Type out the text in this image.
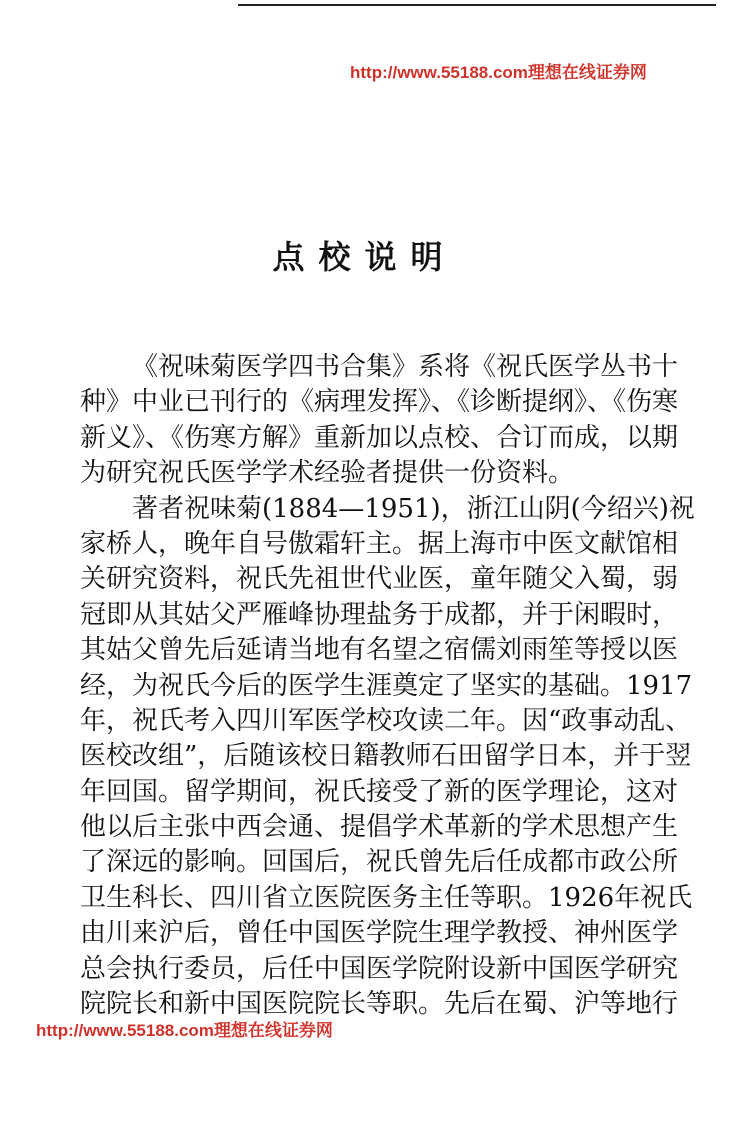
http://www.55188.com理想在线证券网
点校说明
《祝味菊医学四书合集》系将《祝氏医学丛书十
种》中业已刊行的《病理发挥》、《诊断提纲》、《伤寒
新义》、《伤寒方解》重新加以点校、合订而成，以期
为研究祝氏医学学术经验者提供一份资料。
著者祝味菊(1884—1951)，浙江山阴(今绍兴)祝
家桥人，晚年自号傲霜轩主。据上海市中医文献馆相
关研究资料，祝氏先祖世代业医，童年随父入蜀，弱
冠即从其姑父严雁峰协理盐务于成都，并于闲暇时，
其姑父曾先后延请当地有名望之宿儒刘雨笙等授以医
经，为祝氏今后的医学生涯奠定了坚实的基础。1917
年，祝氏考入四川军医学校攻读二年。因“政事动乱、
医校改组”，后随该校日籍教师石田留学日本，并于翌
年回国。留学期间，祝氏接受了新的医学理论，这对
他以后主张中西会通、提倡学术革新的学术思想产生
了深远的影响。回国后，祝氏曾先后任成都市政公所
卫生科长、四川省立医院医务主任等职。1926年祝氏
由川来沪后，曾任中国医学院生理学教授、神州医学
总会执行委员，后任中国医学院附设新中国医学研究
院院长和新中国医院院长等职。先后在蜀、沪等地行
http://www.55188.com理想在线证券网
